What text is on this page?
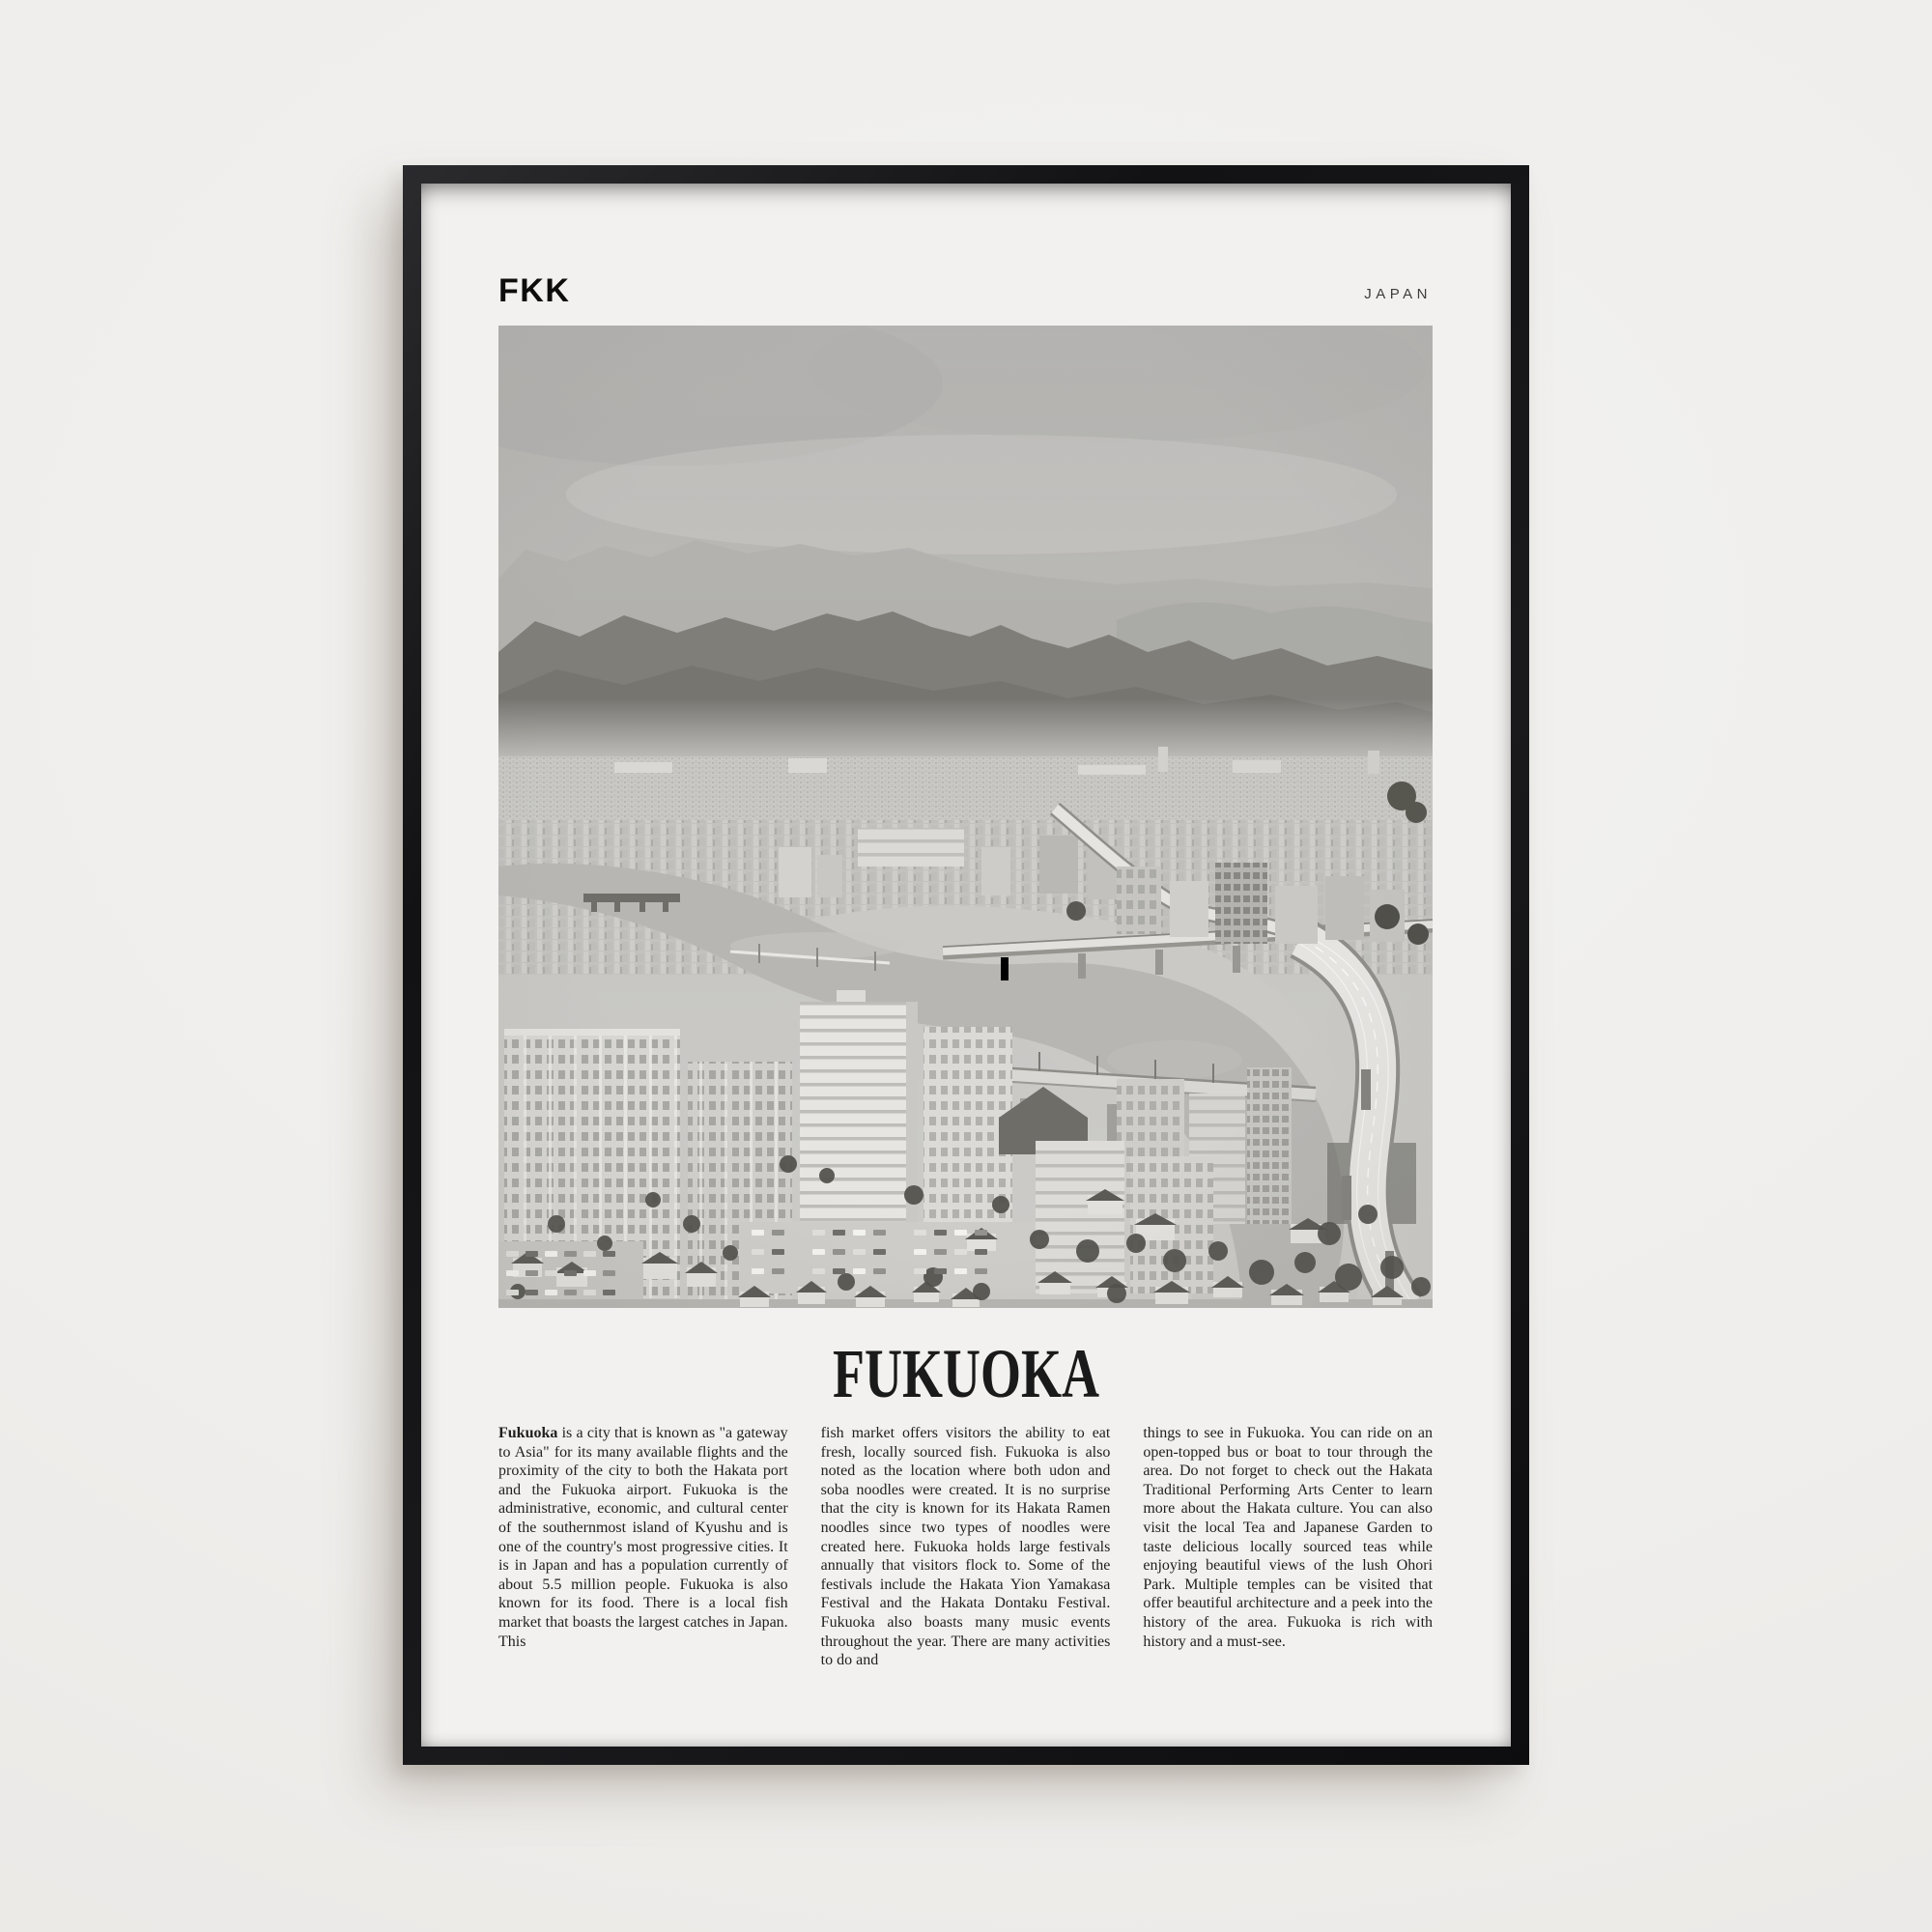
FKK	JAPAN
FUKUOKA
Fukuoka is a city that is known as "a gateway to Asia" for its many available flights and the proximity of the city to both the Hakata port and the Fukuoka airport. Fukuoka is the administrative, economic, and cultural center of the southernmost island of Kyushu and is one of the country's most progressive cities. It is in Japan and has a population currently of about 5.5 million people. Fukuoka is also known for its food. There is a local fish market that boasts the largest catches in Japan. This
fish market offers visitors the ability to eat fresh, locally sourced fish. Fukuoka is also noted as the location where both udon and soba noodles were created. It is no surprise that the city is known for its Hakata Ramen noodles since two types of noodles were created here. Fukuoka holds large festivals annually that visitors flock to. Some of the festivals include the Hakata Yion Yamakasa Festival and the Hakata Dontaku Festival. Fukuoka also boasts many music events throughout the year. There are many activities to do and
things to see in Fukuoka. You can ride on an open-topped bus or boat to tour through the area. Do not forget to check out the Hakata Traditional Performing Arts Center to learn more about the Hakata culture. You can also visit the local Tea and Japanese Garden to taste delicious locally sourced teas while enjoying beautiful views of the lush Ohori Park. Multiple temples can be visited that offer beautiful architecture and a peek into the history of the area. Fukuoka is rich with history and a must-see.
